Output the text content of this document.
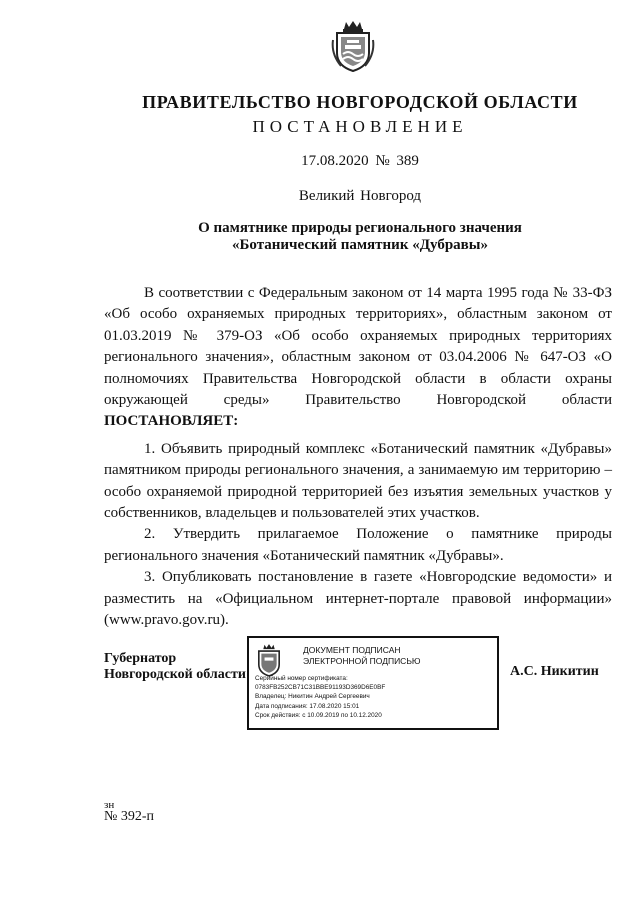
ПРАВИТЕЛЬСТВО НОВГОРОДСКОЙ ОБЛАСТИ
ПОСТАНОВЛЕНИЕ
17.08.2020 № 389
Великий Новгород
О памятнике природы регионального значения
«Ботанический памятник «Дубравы»

В соответствии с Федеральным законом от 14 марта 1995 года № 33-ФЗ «Об особо охраняемых природных территориях», областным законом от 01.03.2019 № 379-ОЗ «Об особо охраняемых природных территориях регионального значения», областным законом от 03.04.2006 № 647-ОЗ «О полномочиях Правительства Новгородской области в области охраны окружающей среды» Правительство Новгородской области ПОСТАНОВЛЯЕТ:

1. Объявить природный комплекс «Ботанический памятник «Дубравы» памятником природы регионального значения, а занимаемую им территорию – особо охраняемой природной территорией без изъятия земельных участков у собственников, владельцев и пользователей этих участков.

2. Утвердить прилагаемое Положение о памятнике природы регионального значения «Ботанический памятник «Дубравы».

3. Опубликовать постановление в газете «Новгородские ведомости» и разместить на «Официальном интернет-портале правовой информации» (www.pravo.gov.ru).

Губернатор
Новгородской области
ДОКУМЕНТ ПОДПИСАН
ЭЛЕКТРОННОЙ ПОДПИСЬЮ
Серийный номер сертификата:
0783FB252CB71C31BBE91193D369D6E0BF
Владелец: Никитин Андрей Сергеевич
Дата подписания: 17.08.2020 15:01
Срок действия: с 10.09.2019 по 10.12.2020
А.С. Никитин
зн
№ 392-п
